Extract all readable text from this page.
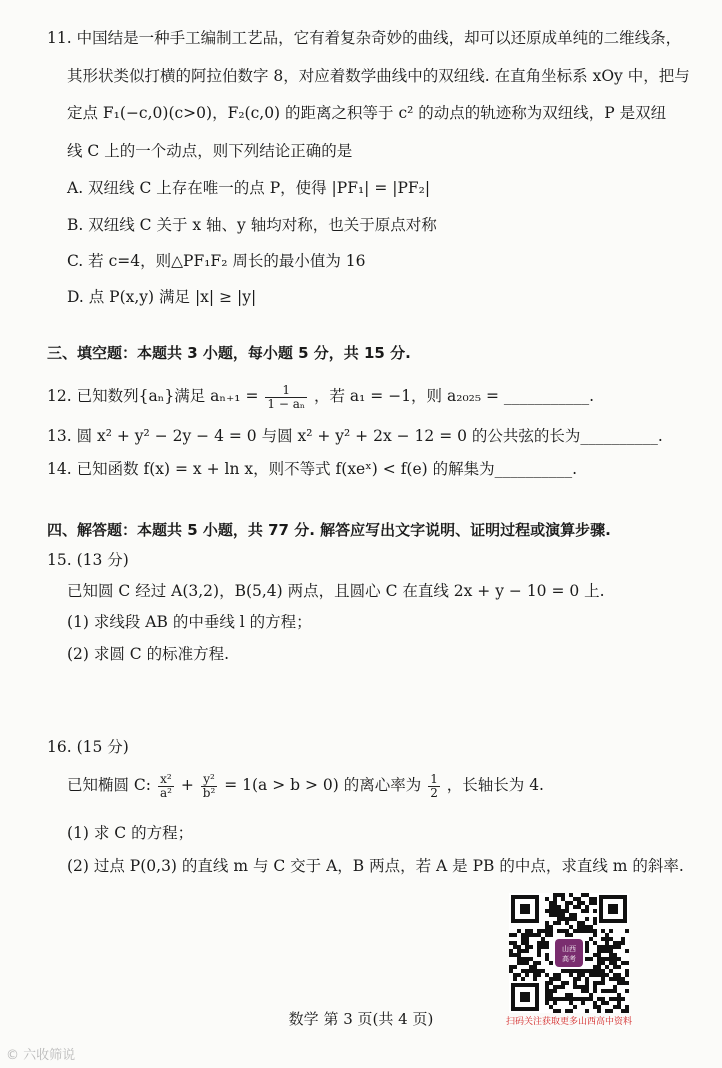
11. 中国结是一种手工编制工艺品，它有着复杂奇妙的曲线，却可以还原成单纯的二维线条，
其形状类似打横的阿拉伯数字 8，对应着数学曲线中的双纽线. 在直角坐标系 xOy 中，把与
定点 F₁(−c,0)(c>0)，F₂(c,0) 的距离之积等于 c² 的动点的轨迹称为双纽线，P 是双纽
线 C 上的一个动点，则下列结论正确的是
A. 双纽线 C 上存在唯一的点 P，使得 |PF₁| = |PF₂|
B. 双纽线 C 关于 x 轴、y 轴均对称，也关于原点对称
C. 若 c=4，则△PF₁F₂ 周长的最小值为 16
D. 点 P(x,y) 满足 |x| ≥ |y|
三、填空题：本题共 3 小题，每小题 5 分，共 15 分.
12. 已知数列{aₙ}满足 $a_{n+1} = \frac{1}{\text{1 − aₙ}}$ ，若 a₁ = −1，则 a₂₀₂₅ = ___________.
13. 圆 x² + y² − 2y − 4 = 0 与圆 x² + y² + 2x − 12 = 0 的公共弦的长为__________.
14. 已知函数 f(x) = x + ln x，则不等式 f(xeˣ) < f(e) 的解集为__________.
四、解答题：本题共 5 小题，共 77 分. 解答应写出文字说明、证明过程或演算步骤.
15. (13 分)
已知圆 C 经过 A(3,2)，B(5,4) 两点，且圆心 C 在直线 2x + y − 10 = 0 上.
(1) 求线段 AB 的中垂线 l 的方程；
(2) 求圆 C 的标准方程.
16. (15 分)
已知椭圆 C: $\frac{\text{x²}}{\text{a²}} + \frac{\text{y²}}{\text{b²}} = 1(a > b > 0)$ 的离心率为 $\frac{1}{2}$ ，长轴长为 4.
(1) 求 C 的方程；
(2) 过点 P(0,3) 的直线 m 与 C 交于 A，B 两点，若 A 是 PB 的中点，求直线 m 的斜率.
山西
高考
扫码关注获取更多山西高中资料
数学 第 3 页(共 4 页)
© 六收筛说
